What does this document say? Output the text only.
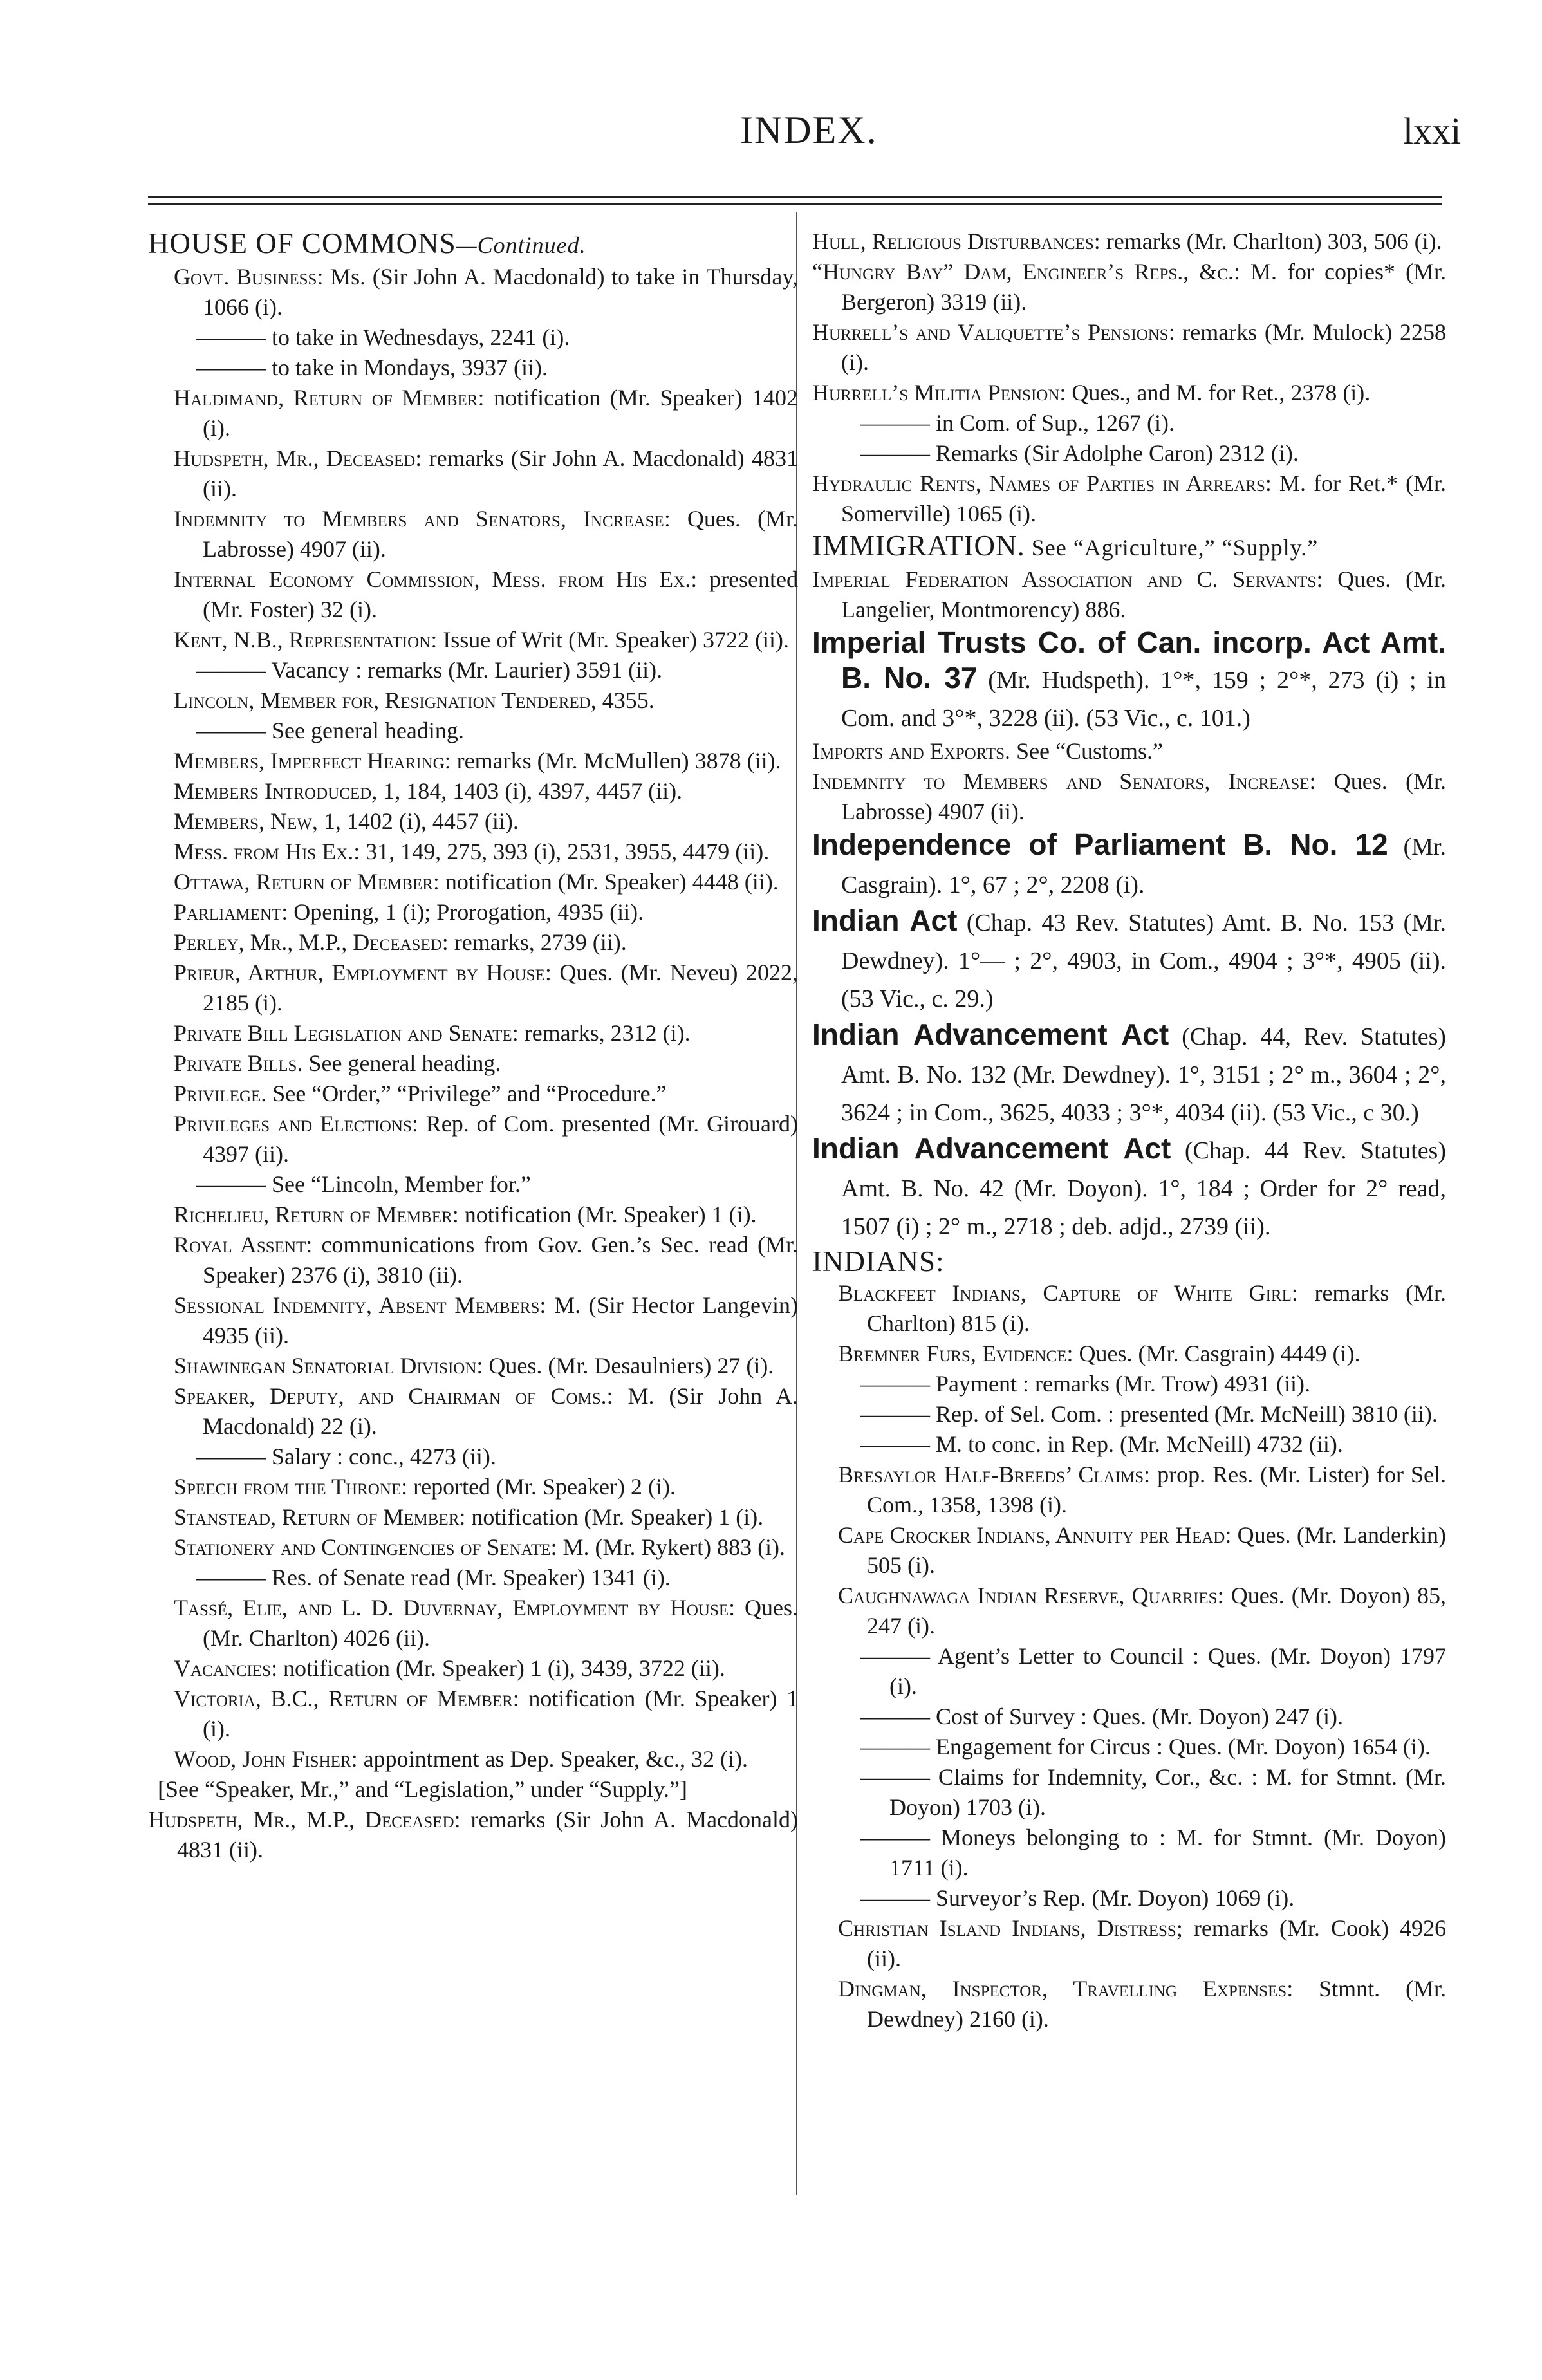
INDEX.	lxxi

HOUSE OF COMMONS—Continued.

Govt. Business: Ms. (Sir John A. Macdonald) to take in Thursday, 1066 (i).

——— to take in Wednesdays, 2241 (i).

——— to take in Mondays, 3937 (ii).

Haldimand, Return of Member: notification (Mr. Speaker) 1402 (i).

Hudspeth, Mr., Deceased: remarks (Sir John A. Macdonald) 4831 (ii).

Indemnity to Members and Senators, Increase: Ques. (Mr. Labrosse) 4907 (ii).

Internal Economy Commission, Mess. from His Ex.: presented (Mr. Foster) 32 (i).

Kent, N.B., Representation: Issue of Writ (Mr. Speaker) 3722 (ii).

——— Vacancy : remarks (Mr. Laurier) 3591 (ii).

Lincoln, Member for, Resignation Tendered, 4355.

——— See general heading.

Members, Imperfect Hearing: remarks (Mr. McMullen) 3878 (ii).

Members Introduced, 1, 184, 1403 (i), 4397, 4457 (ii).

Members, New, 1, 1402 (i), 4457 (ii).

Mess. from His Ex.: 31, 149, 275, 393 (i), 2531, 3955, 4479 (ii).

Ottawa, Return of Member: notification (Mr. Speaker) 4448 (ii).

Parliament: Opening, 1 (i); Prorogation, 4935 (ii).

Perley, Mr., M.P., Deceased: remarks, 2739 (ii).

Prieur, Arthur, Employment by House: Ques. (Mr. Neveu) 2022, 2185 (i).

Private Bill Legislation and Senate: remarks, 2312 (i).

Private Bills. See general heading.

Privilege. See “Order,” “Privilege” and “Procedure.”

Privileges and Elections: Rep. of Com. presented (Mr. Girouard) 4397 (ii).

——— See “Lincoln, Member for.”

Richelieu, Return of Member: notification (Mr. Speaker) 1 (i).

Royal Assent: communications from Gov. Gen.’s Sec. read (Mr. Speaker) 2376 (i), 3810 (ii).

Sessional Indemnity, Absent Members: M. (Sir Hector Langevin) 4935 (ii).

Shawinegan Senatorial Division: Ques. (Mr. Desaulniers) 27 (i).

Speaker, Deputy, and Chairman of Coms.: M. (Sir John A. Macdonald) 22 (i).

——— Salary : conc., 4273 (ii).

Speech from the Throne: reported (Mr. Speaker) 2 (i).

Stanstead, Return of Member: notification (Mr. Speaker) 1 (i).

Stationery and Contingencies of Senate: M. (Mr. Rykert) 883 (i).

——— Res. of Senate read (Mr. Speaker) 1341 (i).

Tassé, Elie, and L. D. Duvernay, Employment by House: Ques. (Mr. Charlton) 4026 (ii).

Vacancies: notification (Mr. Speaker) 1 (i), 3439, 3722 (ii).

Victoria, B.C., Return of Member: notification (Mr. Speaker) 1 (i).

Wood, John Fisher: appointment as Dep. Speaker, &c., 32 (i).

[See “Speaker, Mr.,” and “Legislation,” under “Supply.”]

Hudspeth, Mr., M.P., Deceased: remarks (Sir John A. Macdonald) 4831 (ii).

Hull, Religious Disturbances: remarks (Mr. Charlton) 303, 506 (i).

“Hungry Bay” Dam, Engineer’s Reps., &c.: M. for copies* (Mr. Bergeron) 3319 (ii).

Hurrell’s and Valiquette’s Pensions: remarks (Mr. Mulock) 2258 (i).

Hurrell’s Militia Pension: Ques., and M. for Ret., 2378 (i).

——— in Com. of Sup., 1267 (i).

——— Remarks (Sir Adolphe Caron) 2312 (i).

Hydraulic Rents, Names of Parties in Arrears: M. for Ret.* (Mr. Somerville) 1065 (i).

IMMIGRATION. See “Agriculture,” “Supply.”

Imperial Federation Association and C. Servants: Ques. (Mr. Langelier, Montmorency) 886.

Imperial Trusts Co. of Can. incorp. Act Amt. B. No. 37 (Mr. Hudspeth). 1°*, 159 ; 2°*, 273 (i) ; in Com. and 3°*, 3228 (ii). (53 Vic., c. 101.)

Imports and Exports. See “Customs.”

Indemnity to Members and Senators, Increase: Ques. (Mr. Labrosse) 4907 (ii).

Independence of Parliament B. No. 12 (Mr. Casgrain). 1°, 67 ; 2°, 2208 (i).

Indian Act (Chap. 43 Rev. Statutes) Amt. B. No. 153 (Mr. Dewdney). 1°— ; 2°, 4903, in Com., 4904 ; 3°*, 4905 (ii). (53 Vic., c. 29.)

Indian Advancement Act (Chap. 44, Rev. Statutes) Amt. B. No. 132 (Mr. Dewdney). 1°, 3151 ; 2° m., 3604 ; 2°, 3624 ; in Com., 3625, 4033 ; 3°*, 4034 (ii). (53 Vic., c 30.)

Indian Advancement Act (Chap. 44 Rev. Statutes) Amt. B. No. 42 (Mr. Doyon). 1°, 184 ; Order for 2° read, 1507 (i) ; 2° m., 2718 ; deb. adjd., 2739 (ii).

INDIANS:

Blackfeet Indians, Capture of White Girl: remarks (Mr. Charlton) 815 (i).

Bremner Furs, Evidence: Ques. (Mr. Casgrain) 4449 (i).

——— Payment : remarks (Mr. Trow) 4931 (ii).

——— Rep. of Sel. Com. : presented (Mr. McNeill) 3810 (ii).

——— M. to conc. in Rep. (Mr. McNeill) 4732 (ii).

Bresaylor Half-Breeds’ Claims: prop. Res. (Mr. Lister) for Sel. Com., 1358, 1398 (i).

Cape Crocker Indians, Annuity per Head: Ques. (Mr. Landerkin) 505 (i).

Caughnawaga Indian Reserve, Quarries: Ques. (Mr. Doyon) 85, 247 (i).

——— Agent’s Letter to Council : Ques. (Mr. Doyon) 1797 (i).

——— Cost of Survey : Ques. (Mr. Doyon) 247 (i).

——— Engagement for Circus : Ques. (Mr. Doyon) 1654 (i).

——— Claims for Indemnity, Cor., &c. : M. for Stmnt. (Mr. Doyon) 1703 (i).

——— Moneys belonging to : M. for Stmnt. (Mr. Doyon) 1711 (i).

——— Surveyor’s Rep. (Mr. Doyon) 1069 (i).

Christian Island Indians, Distress; remarks (Mr. Cook) 4926 (ii).

Dingman, Inspector, Travelling Expenses: Stmnt. (Mr. Dewdney) 2160 (i).
